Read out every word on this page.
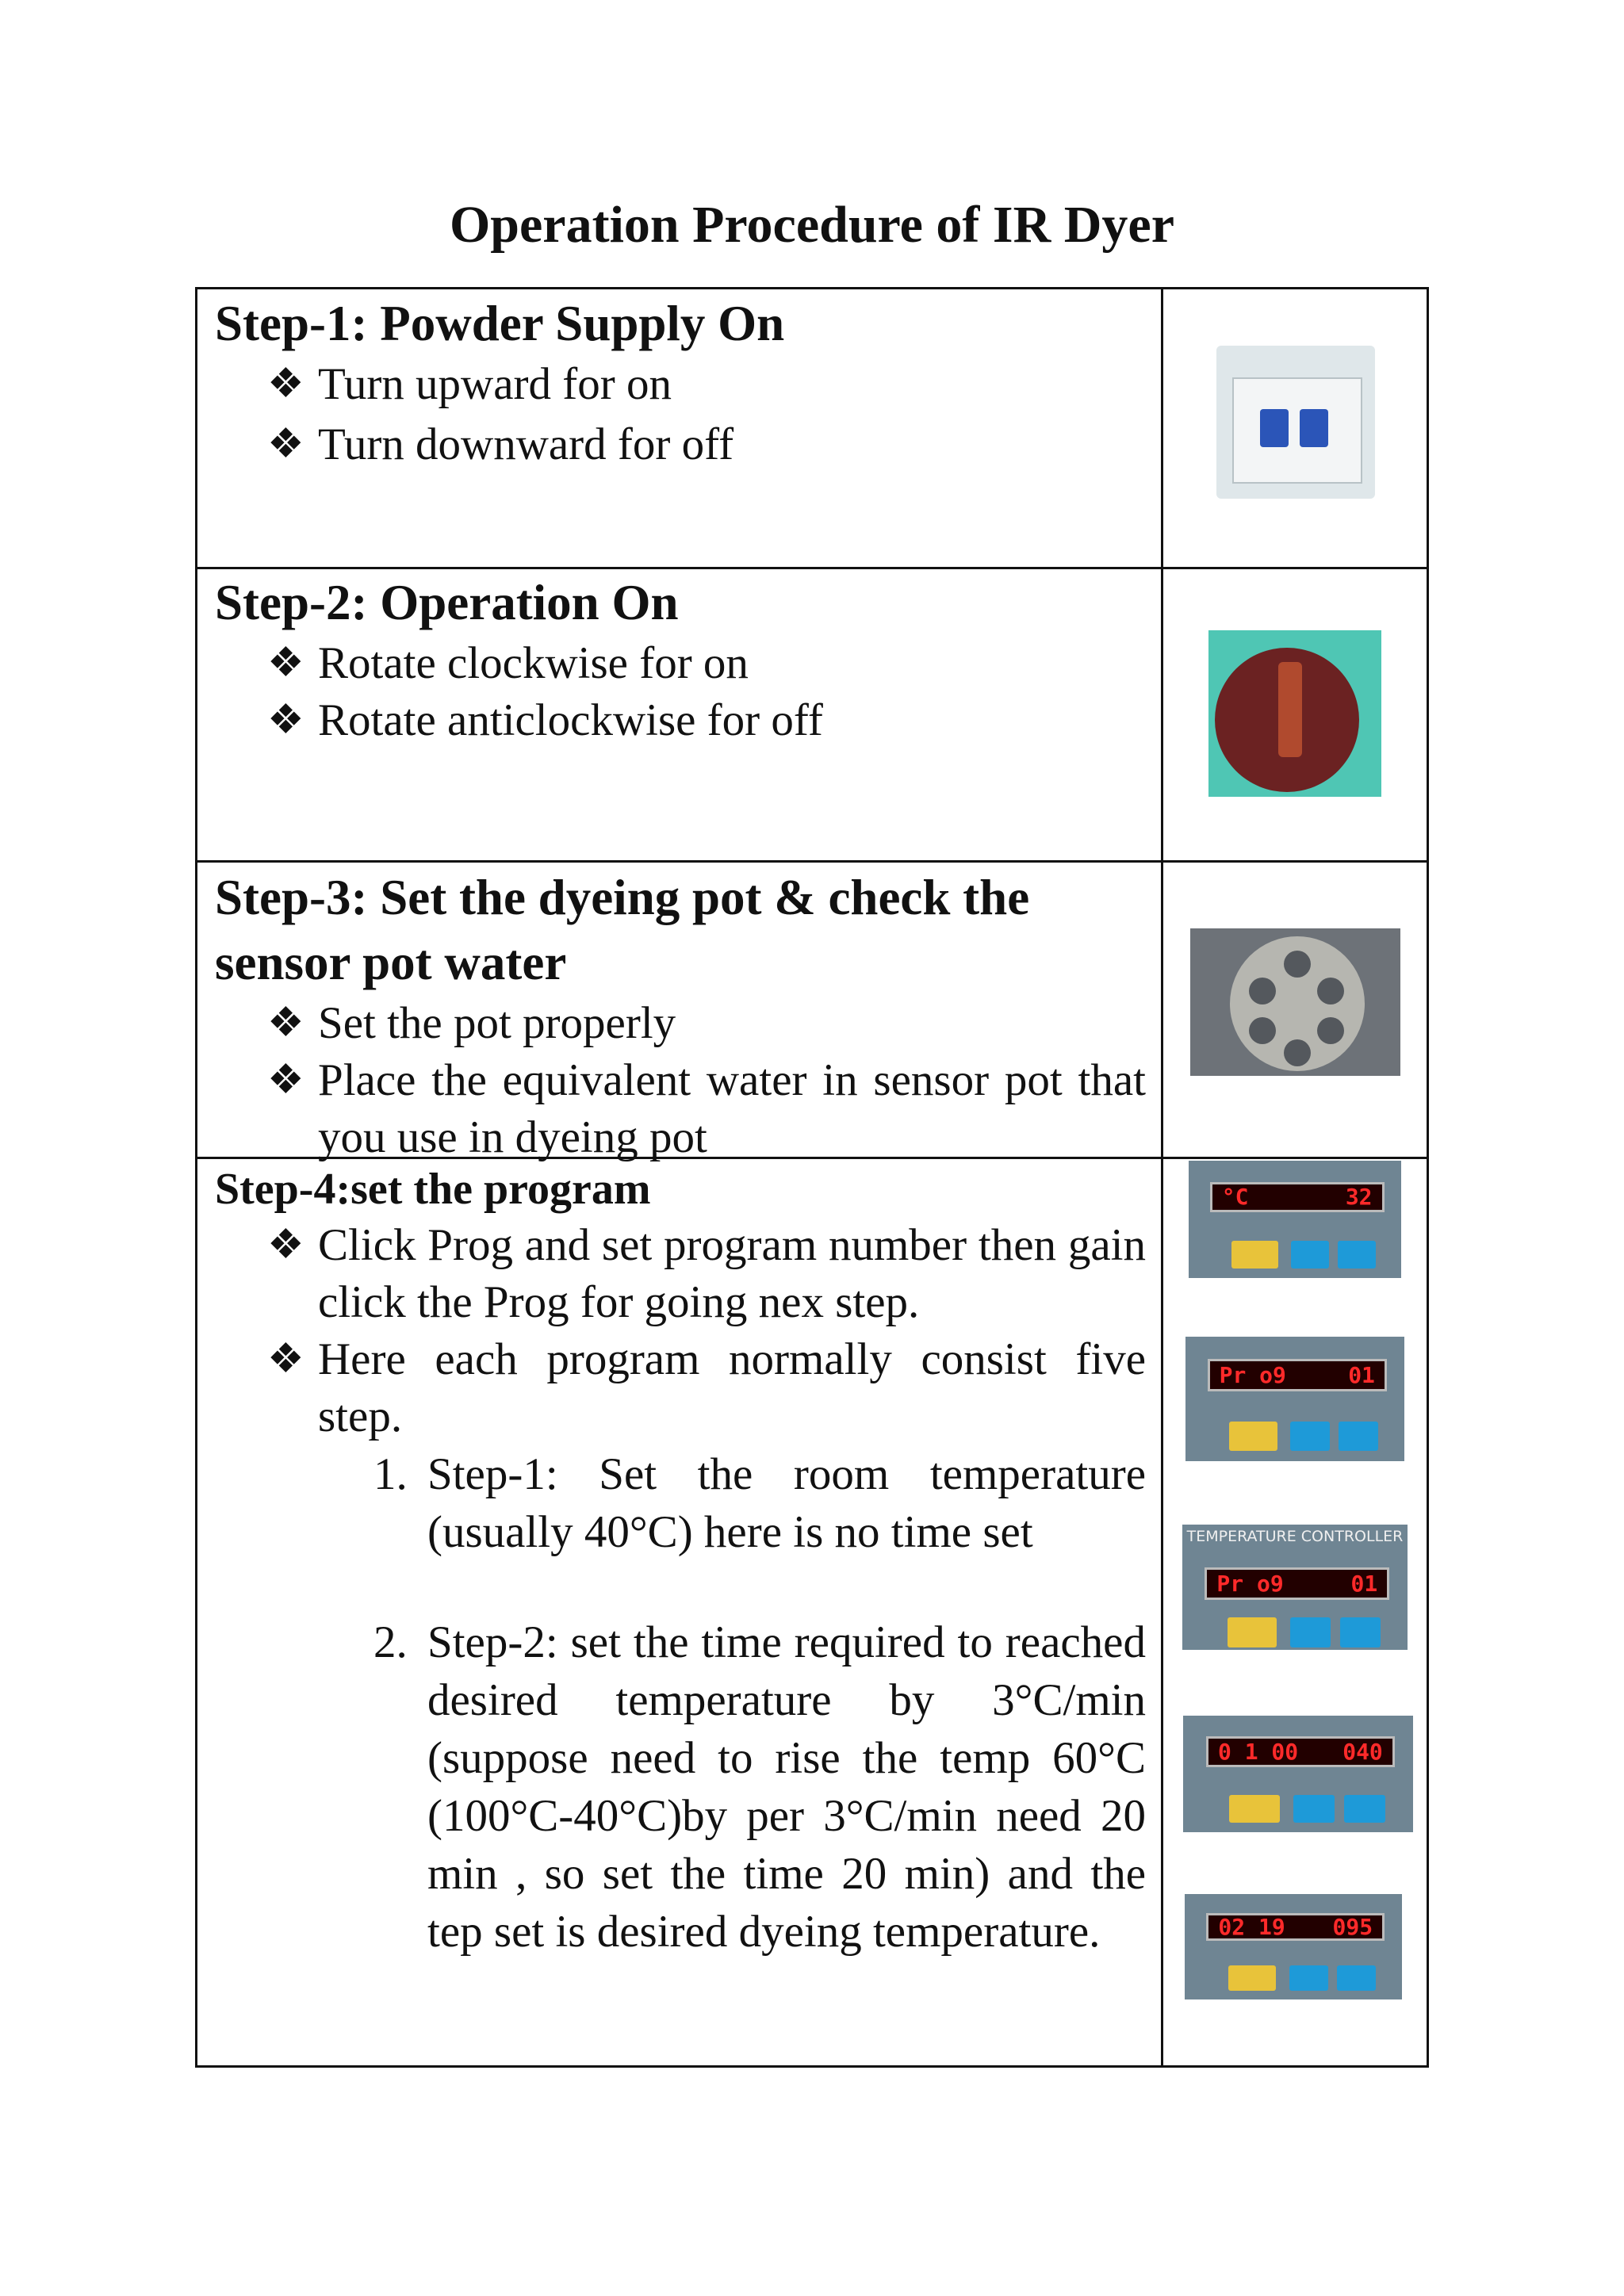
Operation Procedure of IR Dyer
Step-1: Powder Supply On
❖ Turn upward for on
❖ Turn downward for off
Step-2: Operation On
❖ Rotate clockwise for on
❖ Rotate anticlockwise for off
Step-3: Set the dyeing pot & check the
sensor pot water
❖ Set the pot properly
❖ Place the equivalent water in sensor pot that you use in dyeing pot
Step-4:set the program
❖ Click Prog and set program number then gain click the Prog for going nex step.
❖ Here each program normally consist five step.
1. Step-1: Set the room temperature (usually 40°C) here is no time set
2. Step-2: set the time required to reached desired temperature by 3°C/min (suppose need to rise the temp 60°C (100°C-40°C)by per 3°C/min need 20 min , so set the time 20 min) and the tep set is desired dyeing temperature.
°C	32
Pr o9	01
TEMPERATURE CONTROLLER
Pr o9	01
0 1 00 040
02 19 095
